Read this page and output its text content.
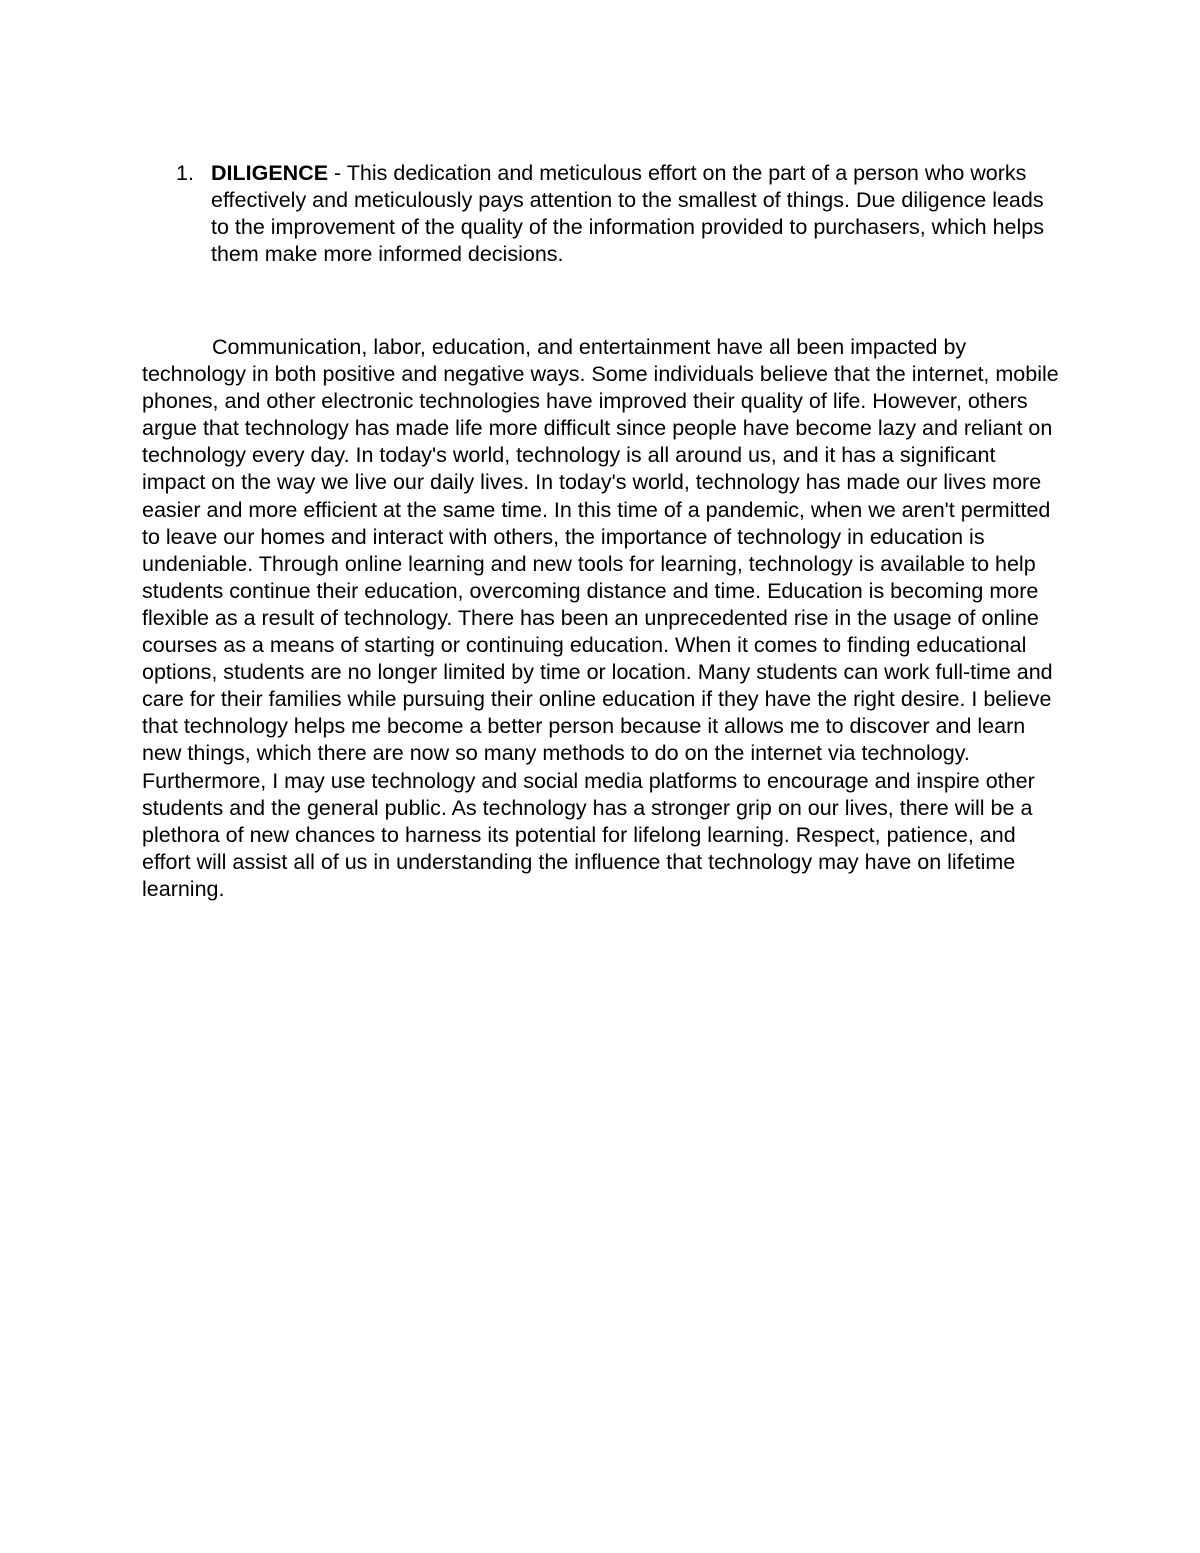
1. DILIGENCE - This dedication and meticulous effort on the part of a person who works effectively and meticulously pays attention to the smallest of things. Due diligence leads to the improvement of the quality of the information provided to purchasers, which helps them make more informed decisions.

Communication, labor, education, and entertainment have all been impacted by technology in both positive and negative ways. Some individuals believe that the internet, mobile phones, and other electronic technologies have improved their quality of life. However, others argue that technology has made life more difficult since people have become lazy and reliant on technology every day. In today's world, technology is all around us, and it has a significant impact on the way we live our daily lives. In today's world, technology has made our lives more easier and more efficient at the same time. In this time of a pandemic, when we aren't permitted to leave our homes and interact with others, the importance of technology in education is undeniable. Through online learning and new tools for learning, technology is available to help students continue their education, overcoming distance and time. Education is becoming more flexible as a result of technology. There has been an unprecedented rise in the usage of online courses as a means of starting or continuing education. When it comes to finding educational options, students are no longer limited by time or location. Many students can work full-time and care for their families while pursuing their online education if they have the right desire. I believe that technology helps me become a better person because it allows me to discover and learn new things, which there are now so many methods to do on the internet via technology. Furthermore, I may use technology and social media platforms to encourage and inspire other students and the general public. As technology has a stronger grip on our lives, there will be a plethora of new chances to harness its potential for lifelong learning. Respect, patience, and effort will assist all of us in understanding the influence that technology may have on lifetime learning.
